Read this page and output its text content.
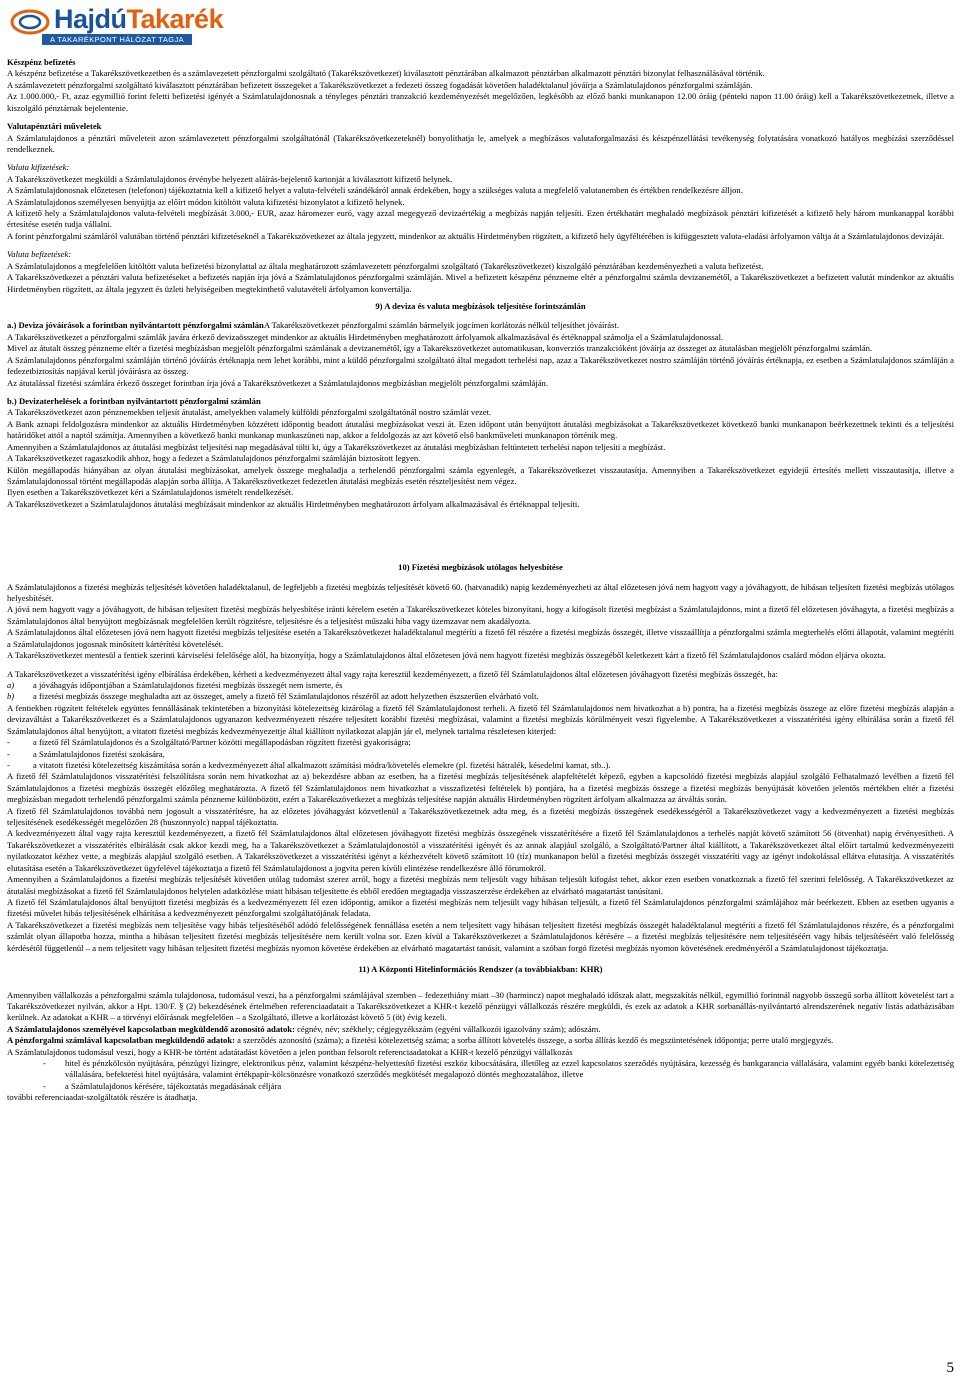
HajdúTakarék
A TAKARÉKPONT HÁLÓZAT TAGJA

Készpénz befizetés

A készpénz befizetése a Takarékszövetkezetben és a számlavezetett pénzforgalmi szolgáltató (Takarékszövetkezet) kiválasztott pénztárában alkalmazott pénztárban alkalmazott pénztári bizonylat felhasználásával történik.

A számlavezetett pénzforgalmi szolgáltató kiválasztott pénztárában befizetett összegeket a Takarékszövetkezet a fedezeti összeg fogadását követően haladéktalanul jóváírja a Számlatulajdonos pénzforgalmi számláján.

Az 1.000.000,- Ft, azaz egymillió forint feletti befizetési igényét a Számlatulajdonosnak a tényleges pénztári tranzakció kezdeményezését megelőzően, legkésőbb az előző banki munkanapon 12.00 óráig (pénteki napon 11.00 óráig) kell a Takarékszövetkezetnek, illetve a kiszolgáló pénztárnak bejelentenie.

Valutapénztári műveletek

A Számlatulajdonos a pénztári műveleteit azon számlavezetett pénzforgalmi szolgáltatónál (Takarékszövetkezeteknél) bonyolíthatja le, amelyek a megbízásos valutaforgalmazási és készpénzellátási tevékenység folytatására vonatkozó hatályos megbízási szerződéssel rendelkeznek.

Valuta kifizetések:

A Takarékszövetkezet megküldi a Számlatulajdonos érvénybe helyezett aláírás-bejelentő kartonját a kiválasztott kifizető helynek.

A Számlatulajdonosnak előzetesen (telefonon) tájékoztatnia kell a kifizető helyet a valuta-felvételi szándékáról annak érdekében, hogy a szükséges valuta a megfelelő valutanemben és értékben rendelkezésre álljon.

A Számlatulajdonos személyesen benyújtja az előírt módon kitöltött valuta kifizetési bizonylatot a kifizető helynek.

A kifizető hely a Számlatulajdonos valuta-felvételi megbízását 3.000,- EUR, azaz háromezer euró, vagy azzal megegyező devizaértékig a megbízás napján teljesíti. Ezen értékhatárt meghaladó megbízások pénztári kifizetését a kifizető hely három munkanappal korábbi értesítése esetén tudja vállalni.

A forint pénzforgalmi számláról valutában történő pénztári kifizetéseknél a Takarékszövetkezet az általa jegyzett, mindenkor az aktuális Hirdetményben rögzített, a kifizető hely ügyféltérében is kifüggesztett valuta-eladási árfolyamon váltja át a Számlatulajdonos devizáját.

Valuta befizetések:

A Számlatulajdonos a megfelelően kitöltött valuta befizetési bizonylattal az általa meghatározott számlavezetett pénzforgalmi szolgáltató (Takarékszövetkezet) kiszolgáló pénztárában kezdeményezheti a valuta befizetést.

A Takarékszövetkezet a pénztári valuta befizetéseket a befizetés napján írja jóvá a Számlatulajdonos pénzforgalmi számláján. Mivel a befizetett készpénz pénzneme eltér a pénzforgalmi számla devizanemétől, a Takarékszövetkezet a befizetett valutát mindenkor az aktuális Hirdetményben rögzített, az általa jegyzett és üzleti helyiségeiben megtekinthető valutavételi árfolyamon konvertálja.

9) A deviza és valuta megbízások teljesítése forintszámlán

a.) Deviza jóváírások a forintban nyilvántartott pénzforgalmi számlánA Takarékszövetkezet pénzforgalmi számlán bármelyik jogcímen korlátozás nélkül teljesíthet jóváírást.

A Takarékszövetkezet a pénzforgalmi számlák javára érkező devizaösszeget mindenkor az aktuális Hirdetményben meghatározott árfolyamok alkalmazásával és értéknappal számolja el a Számlatulajdonossal.

Mivel az átutalt összeg pénzneme eltér a fizetési megbízásban megjelölt pénzforgalmi számlának a devizanemétől, így a Takarékszövetkezet automatikusan, konverziós tranzakcióként jóváírja az összeget az átutalásban megjelölt pénzforgalmi számlán.

A Számlatulajdonos pénzforgalmi számláján történő jóváírás értéknapja nem lehet korábbi, mint a küldő pénzforgalmi szolgáltató által megadott terhelési nap, azaz a Takarékszövetkezet nostro számláján történő jóváírás értéknapja, ez esetben a Számlatulajdonos számláján a fedezetbiztosítás napjával kerül jóváírásra az összeg.

Az átutalással fizetési számlára érkező összeget forintban írja jóvá a Takarékszövetkezet a Számlatulajdonos megbízásban megjelölt pénzforgalmi számláján.

b.) Devizaterhelések a forintban nyilvántartott pénzforgalmi számlán

A Takarékszövetkezet azon pénznemekben teljesít átutalást, amelyekben valamely külföldi pénzforgalmi szolgáltatónál nostro számlát vezet.

A Bank aznapi feldolgozásra mindenkor az aktuális Hirdetményben közzétett időpontig beadott átutalási megbízásokat veszi át. Ezen időpont után benyújtott átutalási megbízásokat a Takarékszövetkezet következő banki munkanapon beérkezettnek tekinti és a teljesítési határidőket attól a naptól számítja. Amennyiben a következő banki munkanap munkaszüneti nap, akkor a feldolgozás az azt követő első bankműveleti munkanapon történik meg.

Amennyiben a Számlatulajdonos az átutalási megbízást teljesítési nap megadásával tölti ki, úgy a Takarékszövetkezet az átutalási megbízásban feltüntetett terhelési napon teljesíti a megbízást.

A Takarékszövetkezet ragaszkodik ahhoz, hogy a fedezet a Számlatulajdonos pénzforgalmi számláján biztosított legyen.

Külön megállapodás hiányában az olyan átutalási megbízásokat, amelyek összege meghaladja a terhelendő pénzforgalmi számla egyenlegét, a Takarékszövetkezet visszautasítja. Amennyiben a Takarékszövetkezet egyidejű értesítés mellett visszautasítja, illetve a Számlatulajdonossal történt megállapodás alapján sorba állítja. A Takarékszövetkezet fedezetlen átutalási megbízás esetén részteljesítést nem végez.

Ilyen esetben a Takarékszövetkezet kéri a Számlatulajdonos ismételt rendelkezését.

A Takarékszövetkezet a Számlatulajdonos átutalási megbízásait mindenkor az aktuális Hirdetményben meghatározott árfolyam alkalmazásával és értéknappal teljesíti.

10) Fizetési megbízások utólagos helyesbítése

A Számlatulajdonos a fizetési megbízás teljesítését követően haladéktalanul, de legfeljebb a fizetési megbízás teljesítését követő 60. (hatvanadik) napig kezdeményezheti az által előzetesen jóvá nem hagyott vagy a jóváhagyott, de hibásan teljesített fizetési megbízás utólagos helyesbítését.

A jóvá nem hagyott vagy a jóváhagyott, de hibásan teljesített fizetési megbízás helyesbítése iránti kérelem esetén a Takarékszövetkezet köteles bizonyítani, hogy a kifogásolt fizetési megbízást a Számlatulajdonos, mint a fizető fél előzetesen jóváhagyta, a fizetési megbízás a Számlatulajdonos által benyújtott megbízásnak megfelelően került rögzítésre, teljesítésre és a teljesítést műszaki hiba vagy üzemzavar nem akadályozta.

A Számlatulajdonos által előzetesen jóvá nem hagyott fizetési megbízás teljesítése esetén a Takarékszövetkezet haladéktalanul megtéríti a fizető fél részére a fizetési megbízás összegét, illetve visszaállítja a pénzforgalmi számla megterhelés előtti állapotát, valamint megtéríti a Számlatulajdonos jogosnak minősített kártérítési követelését.

A Takarékszövetkezet mentesül a fentiek szerinti kárviselési felelősége alól, ha bizonyítja, hogy a Számlatulajdonos által előzetesen jóvá nem hagyott fizetési megbízás összegéből keletkezett kárt a fizető fél Számlatulajdonos csalárd módon eljárva okozta.

A Takarékszövetkezet a visszatérítési igény elbírálása érdekében, kérheti a kedvezményezett által vagy rajta keresztül kezdeményezett, a fizető fél Számlatulajdonos által előzetesen jóváhagyott fizetési megbízás összegét, ha:

a)	a jóváhagyás időpontjában a Számlatulajdonos fizetési megbízás összegét nem ismerte, és
b)	a fizetési megbízás összege meghaladta azt az összeget, amely a fizető fél Számlatulajdonos részéről az adott helyzetben észszerűen elvárható volt.

A fentiekben rögzített feltételek együttes fennállásának tekintetében a bizonyítási kötelezettség kizárólag a fizető fél Számlatulajdonost terheli. A fizető fél Számlatulajdonos nem hivatkozhat a b) pontra, ha a fizetési megbízás összege az előre fizetési megbízás alapján a devizaváltást a Takarékszövetkezet és a Számlatulajdonos ugyanazon kedvezményezett részére teljesített korábbi fizetési megbízásai, valamint a fizetési megbízás körülményeit veszi figyelembe. A Takarékszövetkezet a visszatérítési igény elbírálása során a fizető fél Számlatulajdonos által benyújtott, a vitatott fizetési megbízás kedvezményezettje által kiállított nyilatkozat alapján jár el, melynek tartalma részletesen kiterjed:

-	a fizető fél Számlatulajdonos és a Szolgáltató/Partner közötti megállapodásban rögzített fizetési gyakoriságra;
-	a Számlatulajdonos fizetési szokására,
-	a vitatott fizetési kötelezettség kiszámítása során a kedvezményezett által alkalmazott számítási módra/követelés elemekre (pl. fizetési hátralék, késedelmi kamat, stb..).

A fizető fél Számlatulajdonos visszatérítési felszólításra során nem hivatkozhat az a) bekezdésre abban az esetben, ha a fizetési megbízás teljesítésének alapfeltételét képező, egyben a kapcsolódó fizetési megbízás alapjául szolgáló Felhatalmazó levélben a fizető fél Számlatulajdonos a fizetési megbízás összegét előzőleg meghatározta. A fizető fél Számlatulajdonos nem hivatkozhat a visszafizetési feltételek b) pontjára, ha a fizetési megbízás összege a fizetési megbízás benyújtását követően jelentős mértékben eltér a fizetési megbízásban megadott terhelendő pénzforgalmi számla pénzneme különbözött, ezért a Takarékszövetkezet a megbízás teljesítése napján aktuális Hirdetményben rögzített árfolyam alkalmazza az átváltás során.

A fizető fél Számlatulajdonos továbbá nem jogosult a visszatérítésre, ha az előzetes jóváhagyást közvetlenül a Takarékszövetkezetnek adta meg, és a fizetési megbízás összegének esedékességéről a Takarékszövetkezet vagy a kedvezményezett a fizetési megbízás teljesítésének esedékességét megelőzően 28 (huszonnyolc) nappal tájékoztatta.

A kedvezményezett által vagy rajta keresztül kezdeményezett, a fizető fél Számlatulajdonos által előzetesen jóváhagyott fizetési megbízás összegének visszatérítésére a fizető fél Számlatulajdonos a terhelés napját követő számított 56 (ötvenhat) napig érvényesítheti. A Takarékszövetkezet a visszatérítés elbírálását csak akkor kezdi meg, ha a Takarékszövetkezet a Számlatulajdonostól a visszatérítési igényét és az annak alapjául szolgáló, a Szolgáltató/Partner által kiállított, a Takarékszövetkezet által előírt tartalmú kedvezményezetti nyilatkozatot kézhez vette, a megbízás alapjául szolgáló esetben. A Takarékszövetkezet a visszatérítési igényt a kézhezvételt követő számított 10 (tíz) munkanapon belül a fizetési megbízás összegét visszatéríti vagy az igényt indokolással ellátva elutasítja. A visszatérítés elutasítása esetén a Takarékszövetkezet ügyfelével tájékoztatja a fizető fél Számlatulajdonost a jogvita peren kívüli elintézése rendelkezésre álló fórumokról.

Amennyiben a Számlatulajdonos a fizetési megbízás teljesítését követően utólag tudomást szerez arról, hogy a fizetési megbízás nem teljesült vagy hibásan teljesült kifogást tehet, akkor ezen esetben vonatkoznak a fizető fél szerinti felelősség. A Takarékszövetkezet az átutalási megbízásokat a fizető fél Számlatulajdonos helytelen adatközlése miatt hibásan teljesítette és ebből eredően megtagadja visszaszerzése érdekében az elvárható magatartást tanúsítani.

A fizető fél Számlatulajdonos által benyújtott fizetési megbízás és a kedvezményezett fél ezen időpontig, amikor a fizetési megbízás nem teljesült vagy hibásan teljesült, a fizető fél Számlatulajdonos pénzforgalmi számlájához már beérkezett. Ebben az esetben ugyanis a fizetési művelet hibás teljesítésének elhárítása a kedvezményezett pénzforgalmi szolgáltatójának feladata.

A Takarékszövetkezet a fizetési megbízás nem teljesítése vagy hibás teljesítéséből adódó felelősségének fennállása esetén a nem teljesített vagy hibásan teljesített fizetési megbízás összegét haladéktalanul megtéríti a fizető fél Számlatulajdonos részére, és a pénzforgalmi számlát olyan állapotba hozza, mintha a hibásan teljesített fizetési megbízás teljesítésére nem került volna sor. Ezen kívül a Takarékszövetkezet a Számlatulajdonos kérésére – a fizetési megbízás teljesítésére nem teljesítéséért vagy hibás teljesítéséért való felelősség kérdésétől függetlenül – a nem teljesített vagy hibásan teljesített fizetési megbízás nyomon követése érdekében az elvárható magatartást tanúsít, valamint a szóban forgó fizetési megbízás nyomon követésének eredményéről a Számlatulajdonost tájékoztatja.

11) A Központi Hitelinformációs Rendszer (a továbbiakban: KHR)

Amennyiben vállalkozás a pénzforgalmi számla tulajdonosa, tudomásul veszi, ha a pénzforgalmi számlájával szemben – fedezethiány miatt –30 (harmincz) napot meghaladó időszak alatt, megszakítás nélkül, egymillió forintnál nagyobb összegű sorba állított követelést tart a Takarékszövetkezet nyilván, akkor a Hpt. 130/F. § (2) bekezdésének értelmében referenciaadatait a Takarékszövetkezet a KHR-t kezelő pénzügyi vállalkozás részére megküldi, és ezek az adatok a KHR sorbanállás-nyilvántartó alrendszerének negatív listás adatbázisában kerülnek. Az adatokat a KHR – a törvényi előírásnak megfelelően – a Szolgáltató, illetve a korlátozást követő 5 (öt) évig kezeli.

A Számlatulajdonos személyével kapcsolatban megküldendő azonosító adatok: cégnév, név; székhely; cégjegyzékszám (egyéni vállalkozói igazolvány szám); adószám.

A pénzforgalmi számlával kapcsolatban megküldendő adatok: a szerződés azonosító (száma); a fizetési kötelezettség száma; a sorba állított követelés összege, a sorba állítás kezdő és megszüntetésének időpontja; perre utaló megjegyzés.

A Számlatulajdonos tudomásul veszi, hogy a KHR-be történt adatátadást követően a jelen pontban felsorolt referenciaadatokat a KHR-t kezelő pénzügyi vállalkozás

-	hitel és pénzkölcsön nyújtására, pénzügyi lízingre, elektronikus pénz, valamint készpénz-helyettesítő fizetési eszköz kibocsátására, illetőleg az ezzel kapcsolatos szerződés nyújtására, kezesség és bankgarancia vállalására, valamint egyéb banki kötelezettség vállalására, befektetési hitel nyújtására, valamint értékpapír-kölcsönzésre vonatkozó szerződés megkötését megalapozó döntés meghozatalához, illetve
-	a Számlatulajdonos kérésére, tájékoztatás megadásának céljára

további referenciaadat-szolgáltatók részére is átadhatja.

5
